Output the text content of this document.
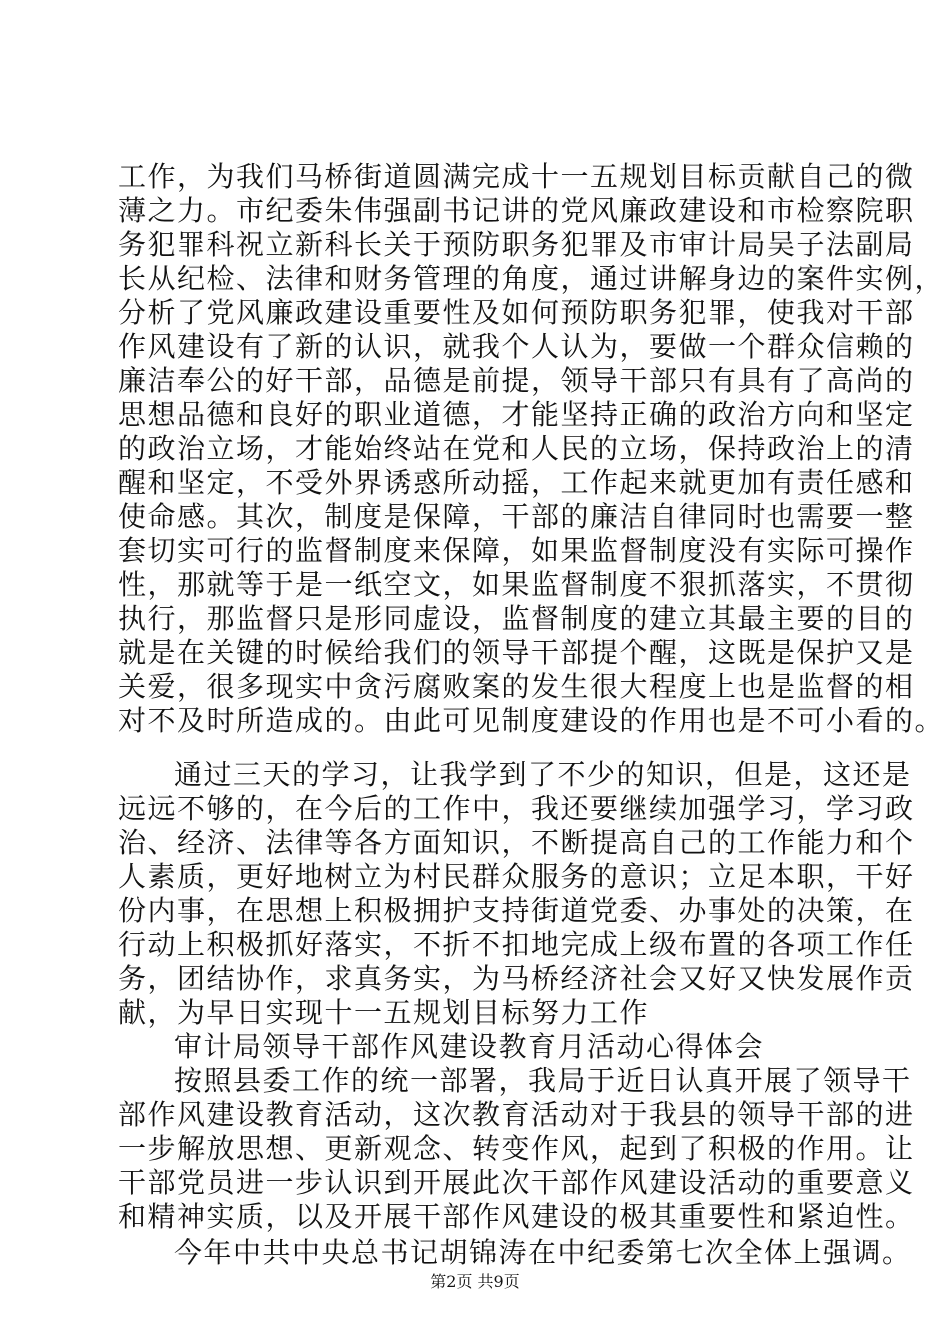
工作，为我们马桥街道圆满完成十一五规划目标贡献自己的微
薄之力。市纪委朱伟强副书记讲的党风廉政建设和市检察院职
务犯罪科祝立新科长关于预防职务犯罪及市审计局吴子法副局
长从纪检、法律和财务管理的角度，通过讲解身边的案件实例，
分析了党风廉政建设重要性及如何预防职务犯罪，使我对干部
作风建设有了新的认识，就我个人认为，要做一个群众信赖的
廉洁奉公的好干部，品德是前提，领导干部只有具有了高尚的
思想品德和良好的职业道德，才能坚持正确的政治方向和坚定
的政治立场，才能始终站在党和人民的立场，保持政治上的清
醒和坚定，不受外界诱惑所动摇，工作起来就更加有责任感和
使命感。其次，制度是保障，干部的廉洁自律同时也需要一整
套切实可行的监督制度来保障，如果监督制度没有实际可操作
性，那就等于是一纸空文，如果监督制度不狠抓落实，不贯彻
执行，那监督只是形同虚设，监督制度的建立其最主要的目的
就是在关键的时候给我们的领导干部提个醒，这既是保护又是
关爱，很多现实中贪污腐败案的发生很大程度上也是监督的相
对不及时所造成的。由此可见制度建设的作用也是不可小看的。
通过三天的学习，让我学到了不少的知识，但是，这还是
远远不够的，在今后的工作中，我还要继续加强学习，学习政
治、经济、法律等各方面知识，不断提高自己的工作能力和个
人素质，更好地树立为村民群众服务的意识；立足本职，干好
份内事，在思想上积极拥护支持街道党委、办事处的决策，在
行动上积极抓好落实，不折不扣地完成上级布置的各项工作任
务，团结协作，求真务实，为马桥经济社会又好又快发展作贡
献，为早日实现十一五规划目标努力工作
审计局领导干部作风建设教育月活动心得体会
按照县委工作的统一部署，我局于近日认真开展了领导干
部作风建设教育活动，这次教育活动对于我县的领导干部的进
一步解放思想、更新观念、转变作风，起到了积极的作用。让
干部党员进一步认识到开展此次干部作风建设活动的重要意义
和精神实质，以及开展干部作风建设的极其重要性和紧迫性。
今年中共中央总书记胡锦涛在中纪委第七次全体上强调。
第2页 共9页
